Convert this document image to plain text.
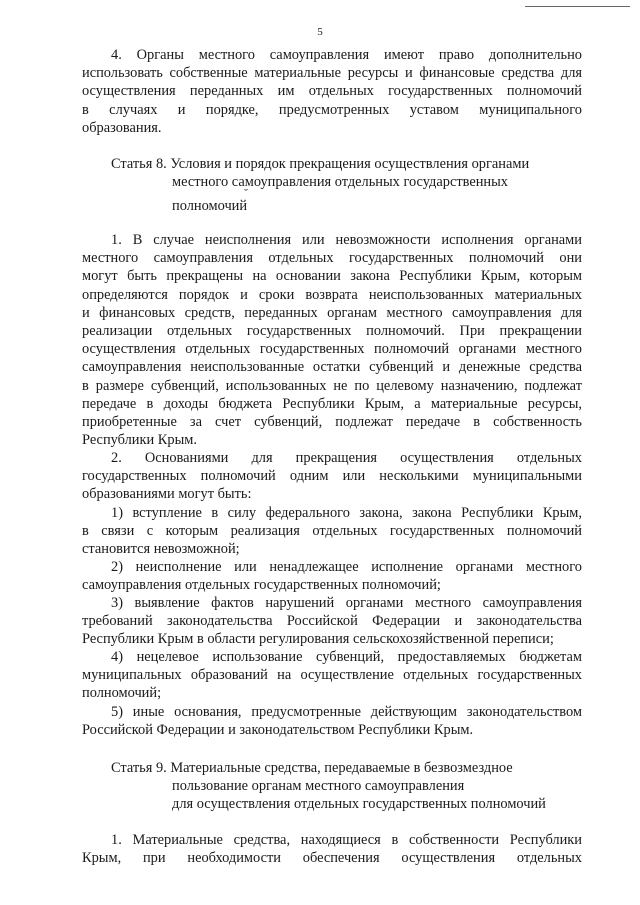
5
4. Органы местного самоуправления имеют право дополнительно
использовать собственные материальные ресурсы и финансовые средства для
осуществления переданных им отдельных государственных полномочий
в случаях и порядке, предусмотренных уставом муниципального
образования.
Статья 8. Условия и порядок прекращения осуществления органами
местного самоуправления отдельных государственных
полномочий
1. В случае неисполнения или невозможности исполнения органами
местного самоуправления отдельных государственных полномочий они
могут быть прекращены на основании закона Республики Крым, которым
определяются порядок и сроки возврата неиспользованных материальных
и финансовых средств, переданных органам местного самоуправления для
реализации отдельных государственных полномочий. При прекращении
осуществления отдельных государственных полномочий органами местного
самоуправления неиспользованные остатки субвенций и денежные средства
в размере субвенций, использованных не по целевому назначению, подлежат
передаче в доходы бюджета Республики Крым, а материальные ресурсы,
приобретенные за счет субвенций, подлежат передаче в собственность
Республики Крым.
2. Основаниями для прекращения осуществления отдельных
государственных полномочий одним или несколькими муниципальными
образованиями могут быть:
1) вступление в силу федерального закона, закона Республики Крым,
в связи с которым реализация отдельных государственных полномочий
становится невозможной;
2) неисполнение или ненадлежащее исполнение органами местного
самоуправления отдельных государственных полномочий;
3) выявление фактов нарушений органами местного самоуправления
требований законодательства Российской Федерации и законодательства
Республики Крым в области регулирования сельскохозяйственной переписи;
4) нецелевое использование субвенций, предоставляемых бюджетам
муниципальных образований на осуществление отдельных государственных
полномочий;
5) иные основания, предусмотренные действующим законодательством
Российской Федерации и законодательством Республики Крым.
Статья 9. Материальные средства, передаваемые в безвозмездное
пользование органам местного самоуправления
для осуществления отдельных государственных полномочий
1. Материальные средства, находящиеся в собственности Республики
Крым, при необходимости обеспечения осуществления отдельных
